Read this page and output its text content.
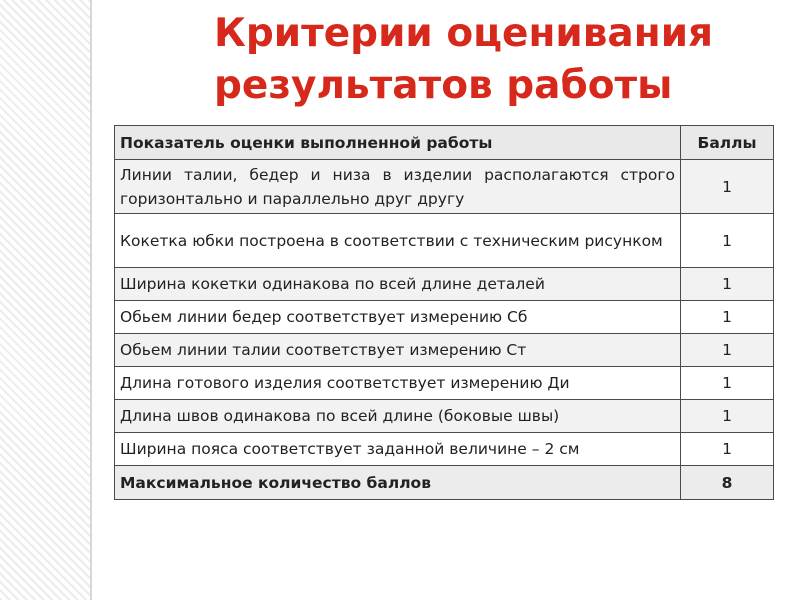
Критерии оценивания результатов работы
Показатель оценки выполненной работы	Баллы
Линии талии, бедер и низа в изделии располагаются строго горизонтально и параллельно друг другу	1
Кокетка юбки построена в соответствии с техническим рисунком	1
Ширина кокетки одинакова по всей длине деталей	1
Обьем линии бедер соответствует измерению Сб	1
Обьем линии талии соответствует измерению Ст	1
Длина готового изделия соответствует измерению Ди	1
Длина швов одинакова по всей длине (боковые швы)	1
Ширина пояса соответствует заданной величине – 2 см	1
Максимальное количество баллов	8
